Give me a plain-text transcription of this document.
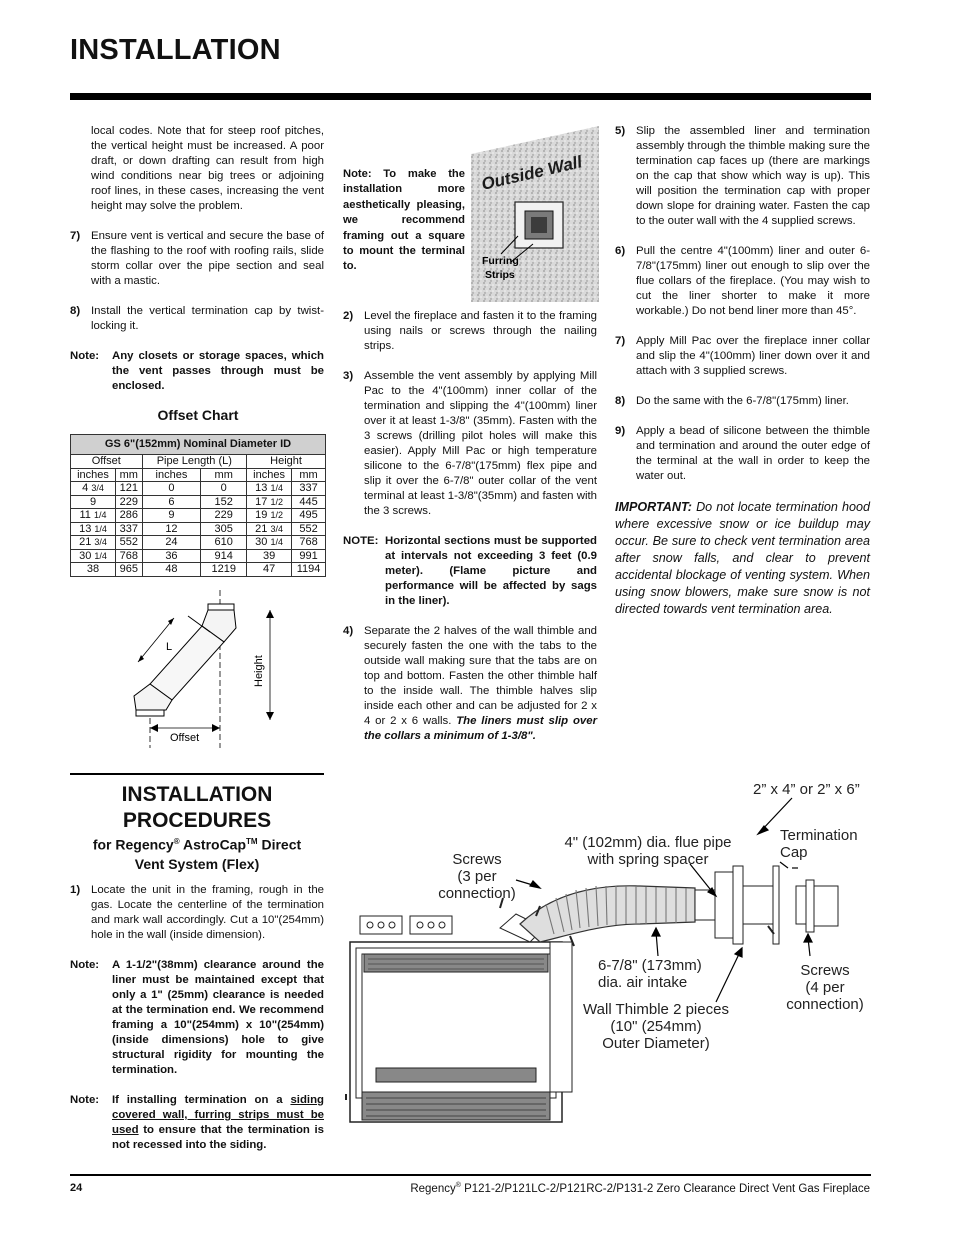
INSTALLATION

local codes. Note that for steep roof pitches, the vertical height must be increased. A poor draft, or down drafting can result from high wind conditions near big trees or adjoining roof lines, in these cases, increasing the vent height may solve the problem.

7) Ensure vent is vertical and secure the base of the flashing to the roof with roofing rails, slide storm collar over the pipe section and seal with a mastic.
8) Install the vertical termination cap by twist-locking it.
Note:	Any closets or storage spaces, which the vent passes through must be enclosed.
Offset Chart
GS 6"(152mm) Nominal Diameter ID					
Offset		Pipe Length (L)		Height	
inches	mm	inches	mm	inches	mm
4 3/4	121	0	0	13 1/4	337
9	229	6	152	17 1/2	445
11 1/4	286	9	229	19 1/2	495
13 1/4	337	12	305	21 3/4	552
21 3/4	552	24	610	30 1/4	768
30 1/4	768	36	914	39	991
38	965	48	1219	47	1194
L
Height
Offset
Note: To make the installation more aesthetically pleasing, we recommend framing out a square to mount the terminal to.
Outside Wall
Furring
Strips
2) Level the fireplace and fasten it to the framing using nails or screws through the nailing strips.
3) Assemble the vent assembly by applying Mill Pac to the 4"(100mm) inner collar of the termination and slipping the 4"(100mm) liner over it at least 1-3/8" (35mm). Fasten with the 3 screws (drilling pilot holes will make this easier). Apply Mill Pac or high temperature silicone to the 6-7/8"(175mm) flex pipe and slip it over the 6-7/8" outer collar of the vent terminal at least 1-3/8"(35mm) and fasten with the 3 screws.
NOTE: Horizontal sections must be supported at intervals not exceeding 3 feet (0.9 meter). (Flame picture and performance will be affected by sags in the liner).
4) Separate the 2 halves of the wall thimble and securely fasten the one with the tabs to the outside wall making sure that the tabs are on top and bottom. Fasten the other thimble half to the inside wall. The thimble halves slip inside each other and can be adjusted for 2 x 4 or 2 x 6 walls. The liners must slip over the collars a minimum of 1-3/8".
5) Slip the assembled liner and termination assembly through the thimble making sure the termination cap faces up (there are markings on the cap that show which way is up). This will position the termination cap with proper down slope for draining water. Fasten the cap to the outer wall with the 4 supplied screws.
6) Pull the centre 4"(100mm) liner and outer 6-7/8"(175mm) liner out enough to slip over the flue collars of the fireplace. (You may wish to cut the liner shorter to make it more workable.) Do not bend liner more than 45°.
7) Apply Mill Pac over the fireplace inner collar and slip the 4"(100mm) liner down over it and attach with 3 supplied screws.
8) Do the same with the 6-7/8"(175mm) liner.
9) Apply a bead of silicone between the thimble and termination and around the outer edge of the terminal at the wall in order to keep the water out.
IMPORTANT: Do not locate termination hood where excessive snow or ice buildup may occur. Be sure to check vent termination area after snow falls, and clear to prevent accidental blockage of venting system. When using snow blowers, make sure snow is not directed towards vent termination area.
INSTALLATION
PROCEDURES
for Regency® AstroCap™ Direct
Vent System (Flex)
1) Locate the unit in the framing, rough in the gas. Locate the centerline of the termination and mark wall accordingly. Cut a 10"(254mm) hole in the wall (inside dimension).
Note:	A 1-1/2"(38mm) clearance around the liner must be maintained except that only a 1" (25mm) clearance is needed at the termination end. We recommend framing a 10"(254mm) x 10"(254mm) (inside dimensions) hole to give structural rigidity for mounting the termination.
Note:	If installing termination on a siding covered wall, furring strips must be used to ensure that the termination is not recessed into the siding.
2” x 4” or 2” x 6”
Termination
Cap
4" (102mm) dia. flue pipe
with spring spacer
Screws
(3 per
connection)
6-7/8" (173mm)
dia. air intake
Screws
(4 per
connection)
Wall Thimble 2 pieces
(10" (254mm)
Outer Diameter)
24	Regency® P121-2/P121LC-2/P121RC-2/P131-2 Zero Clearance Direct Vent Gas Fireplace
